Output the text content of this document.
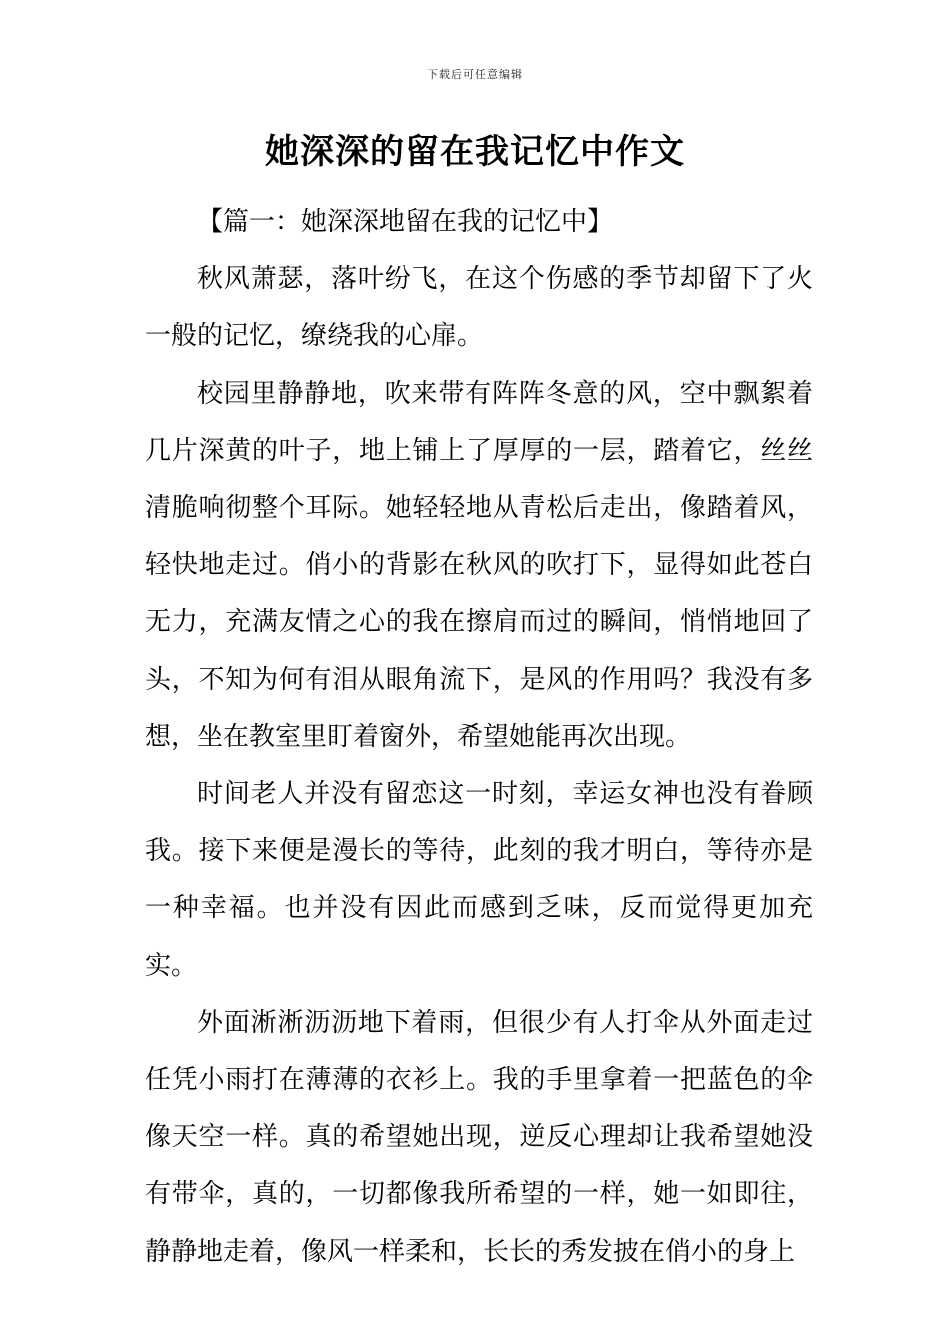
下载后可任意编辑
她深深的留在我记忆中作文

【篇一：她深深地留在我的记忆中】

秋风萧瑟，落叶纷飞，在这个伤感的季节却留下了火一般的记忆，缭绕我的心扉。

校园里静静地，吹来带有阵阵冬意的风，空中飘絮着几片深黄的叶子，地上铺上了厚厚的一层，踏着它，丝丝清脆响彻整个耳际。她轻轻地从青松后走出，像踏着风，轻快地走过。俏小的背影在秋风的吹打下，显得如此苍白无力，充满友情之心的我在擦肩而过的瞬间，悄悄地回了头，不知为何有泪从眼角流下，是风的作用吗？我没有多想，坐在教室里盯着窗外，希望她能再次出现。

时间老人并没有留恋这一时刻，幸运女神也没有眷顾我。接下来便是漫长的等待，此刻的我才明白，等待亦是一种幸福。也并没有因此而感到乏味，反而觉得更加充实。

外面淅淅沥沥地下着雨，但很少有人打伞从外面走过任凭小雨打在薄薄的衣衫上。我的手里拿着一把蓝色的伞像天空一样。真的希望她出现，逆反心理却让我希望她没有带伞，真的，一切都像我所希望的一样，她一如即往，静静地走着，像风一样柔和，长长的秀发披在俏小的身上
